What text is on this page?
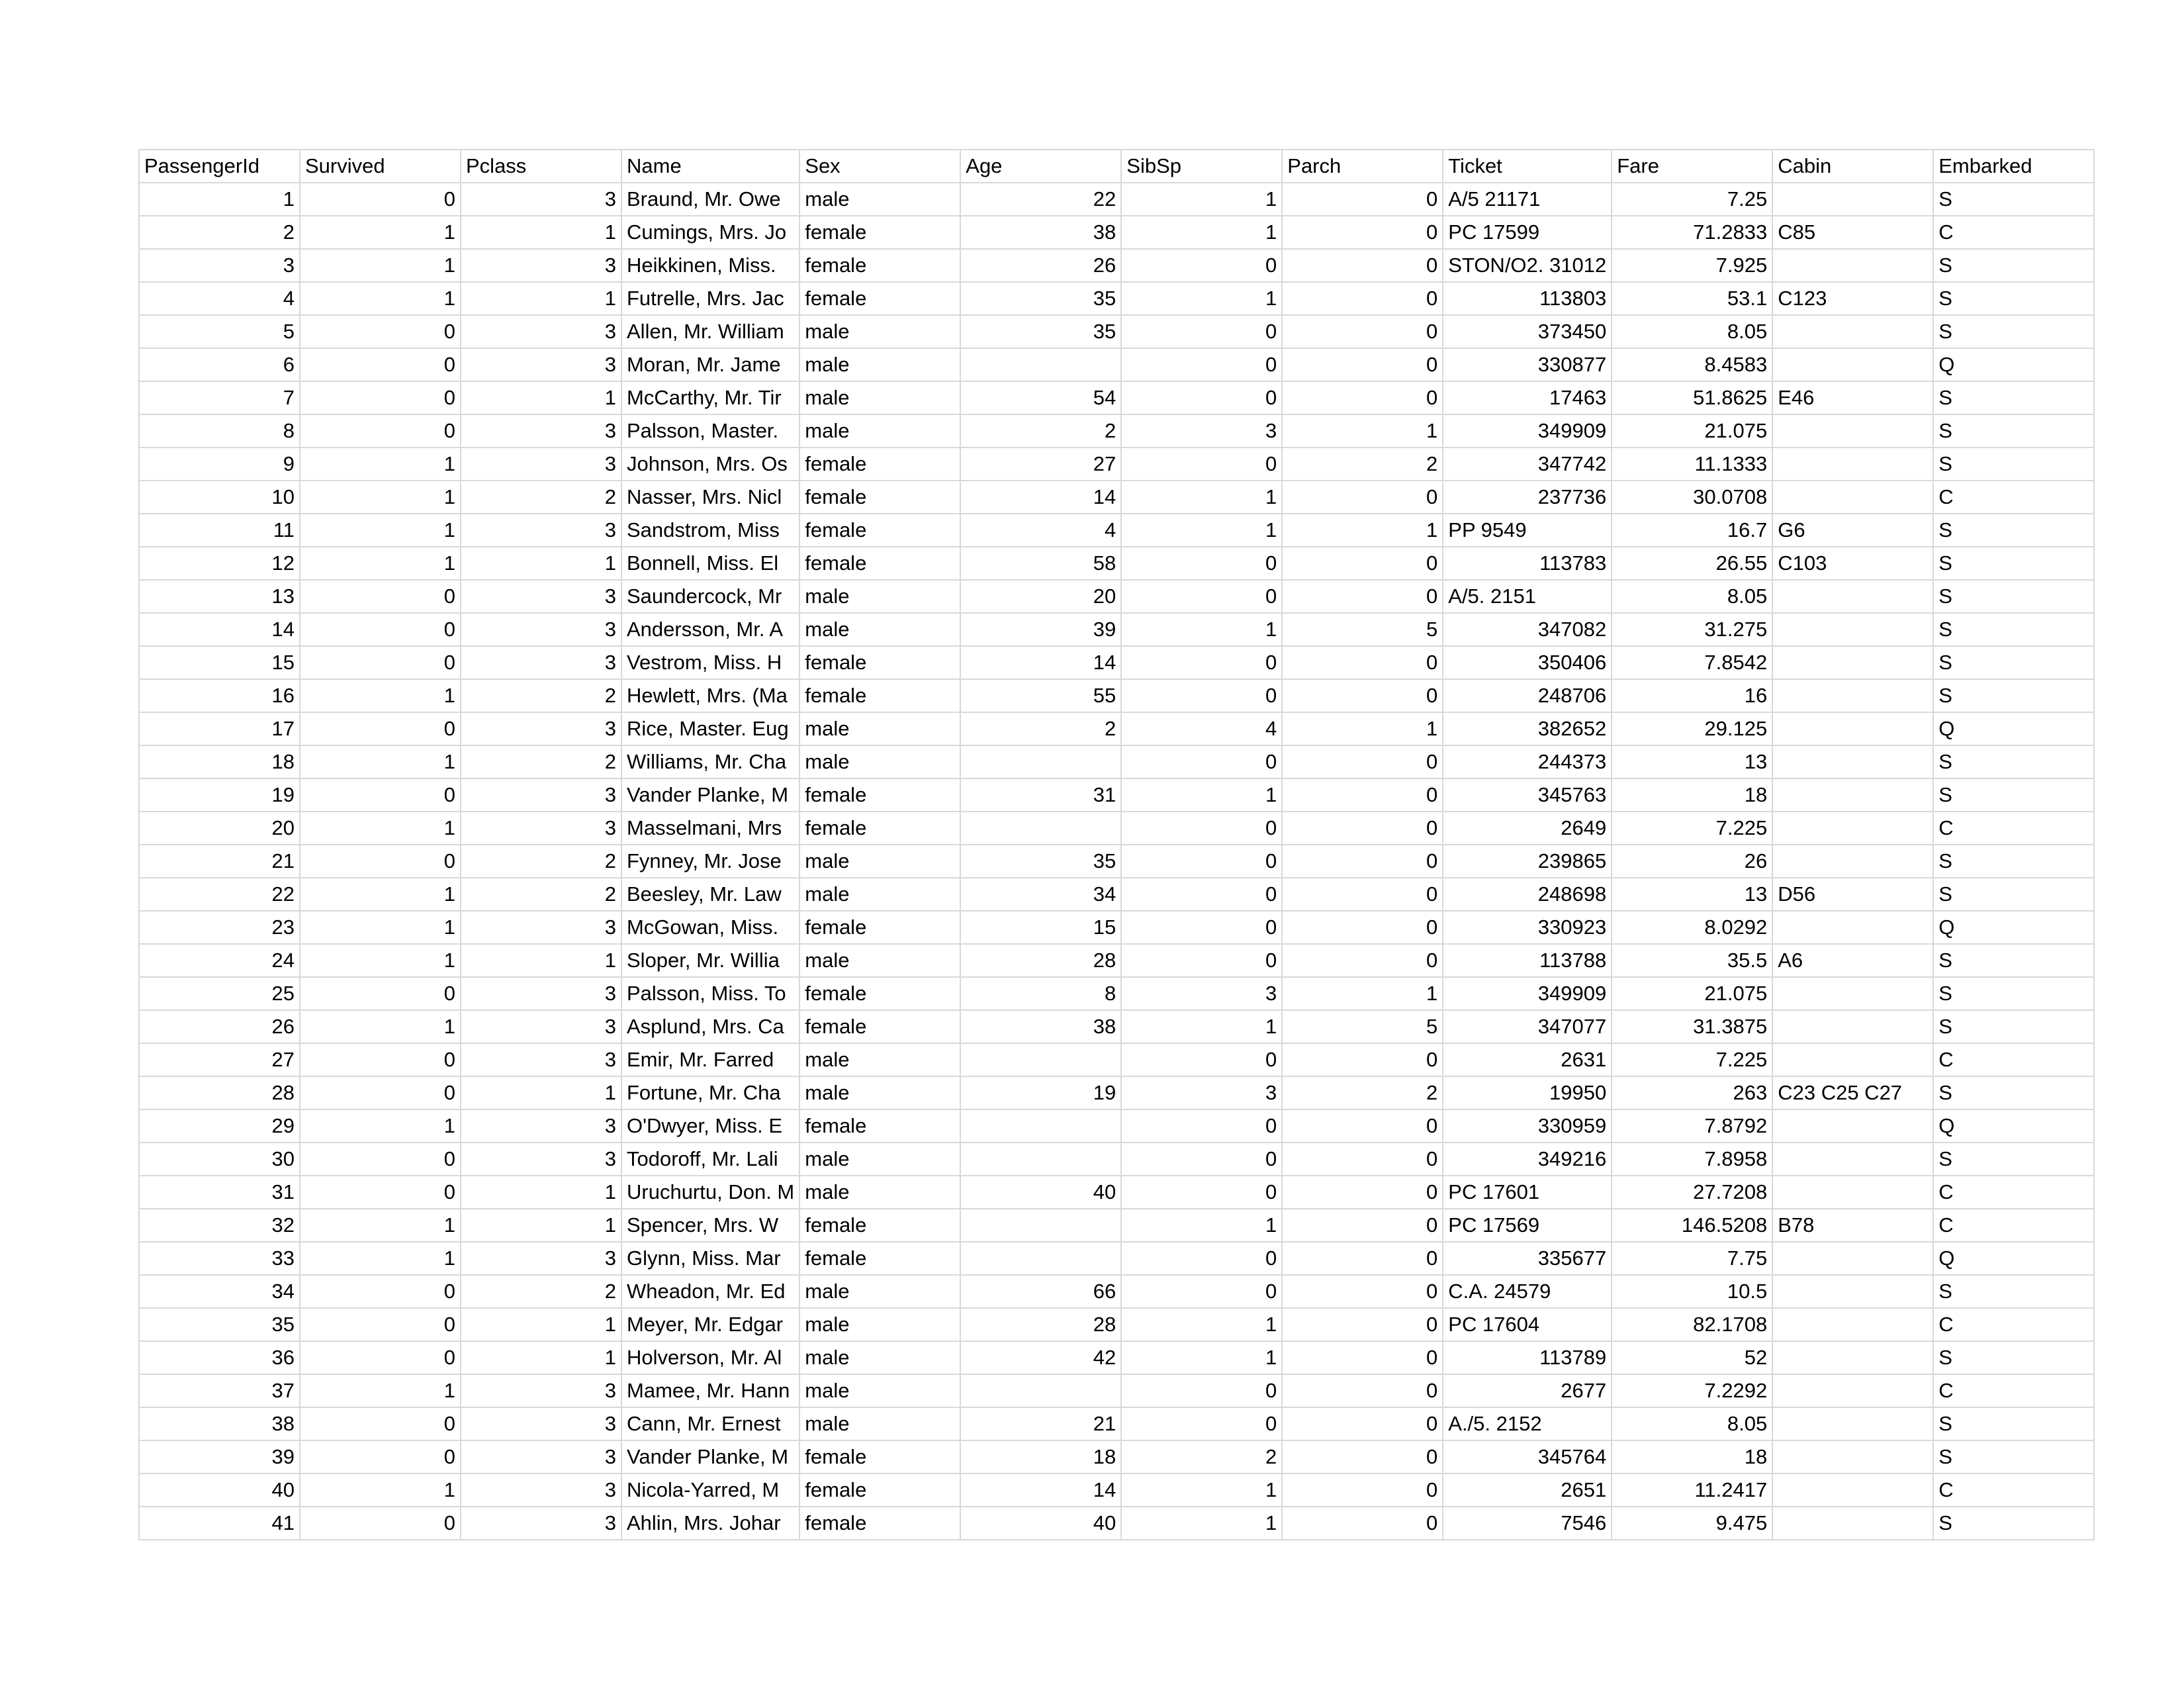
PassengerId	Survived	Pclass	Name	Sex	Age	SibSp	Parch	Ticket	Fare	Cabin	Embarked
1	0	3	Braund, Mr. Owe	male	22	1	0	A/5 21171	7.25		S
2	1	1	Cumings, Mrs. Jo	female	38	1	0	PC 17599	71.2833	C85	C
3	1	3	Heikkinen, Miss.	female	26	0	0	STON/O2. 31012	7.925		S
4	1	1	Futrelle, Mrs. Jac	female	35	1	0	113803	53.1	C123	S
5	0	3	Allen, Mr. William	male	35	0	0	373450	8.05		S
6	0	3	Moran, Mr. Jame	male		0	0	330877	8.4583		Q
7	0	1	McCarthy, Mr. Tir	male	54	0	0	17463	51.8625	E46	S
8	0	3	Palsson, Master.	male	2	3	1	349909	21.075		S
9	1	3	Johnson, Mrs. Os	female	27	0	2	347742	11.1333		S
10	1	2	Nasser, Mrs. Nicl	female	14	1	0	237736	30.0708		C
11	1	3	Sandstrom, Miss	female	4	1	1	PP 9549	16.7	G6	S
12	1	1	Bonnell, Miss. El	female	58	0	0	113783	26.55	C103	S
13	0	3	Saundercock, Mr	male	20	0	0	A/5. 2151	8.05		S
14	0	3	Andersson, Mr. A	male	39	1	5	347082	31.275		S
15	0	3	Vestrom, Miss. H	female	14	0	0	350406	7.8542		S
16	1	2	Hewlett, Mrs. (Ma	female	55	0	0	248706	16		S
17	0	3	Rice, Master. Eug	male	2	4	1	382652	29.125		Q
18	1	2	Williams, Mr. Cha	male		0	0	244373	13		S
19	0	3	Vander Planke, M	female	31	1	0	345763	18		S
20	1	3	Masselmani, Mrs	female		0	0	2649	7.225		C
21	0	2	Fynney, Mr. Jose	male	35	0	0	239865	26		S
22	1	2	Beesley, Mr. Law	male	34	0	0	248698	13	D56	S
23	1	3	McGowan, Miss.	female	15	0	0	330923	8.0292		Q
24	1	1	Sloper, Mr. Willia	male	28	0	0	113788	35.5	A6	S
25	0	3	Palsson, Miss. To	female	8	3	1	349909	21.075		S
26	1	3	Asplund, Mrs. Ca	female	38	1	5	347077	31.3875		S
27	0	3	Emir, Mr. Farred	male		0	0	2631	7.225		C
28	0	1	Fortune, Mr. Cha	male	19	3	2	19950	263	C23 C25 C27	S
29	1	3	O'Dwyer, Miss. E	female		0	0	330959	7.8792		Q
30	0	3	Todoroff, Mr. Lali	male		0	0	349216	7.8958		S
31	0	1	Uruchurtu, Don. M	male	40	0	0	PC 17601	27.7208		C
32	1	1	Spencer, Mrs. W	female		1	0	PC 17569	146.5208	B78	C
33	1	3	Glynn, Miss. Mar	female		0	0	335677	7.75		Q
34	0	2	Wheadon, Mr. Ed	male	66	0	0	C.A. 24579	10.5		S
35	0	1	Meyer, Mr. Edgar	male	28	1	0	PC 17604	82.1708		C
36	0	1	Holverson, Mr. Al	male	42	1	0	113789	52		S
37	1	3	Mamee, Mr. Hann	male		0	0	2677	7.2292		C
38	0	3	Cann, Mr. Ernest	male	21	0	0	A./5. 2152	8.05		S
39	0	3	Vander Planke, M	female	18	2	0	345764	18		S
40	1	3	Nicola-Yarred, M	female	14	1	0	2651	11.2417		C
41	0	3	Ahlin, Mrs. Johar	female	40	1	0	7546	9.475		S
